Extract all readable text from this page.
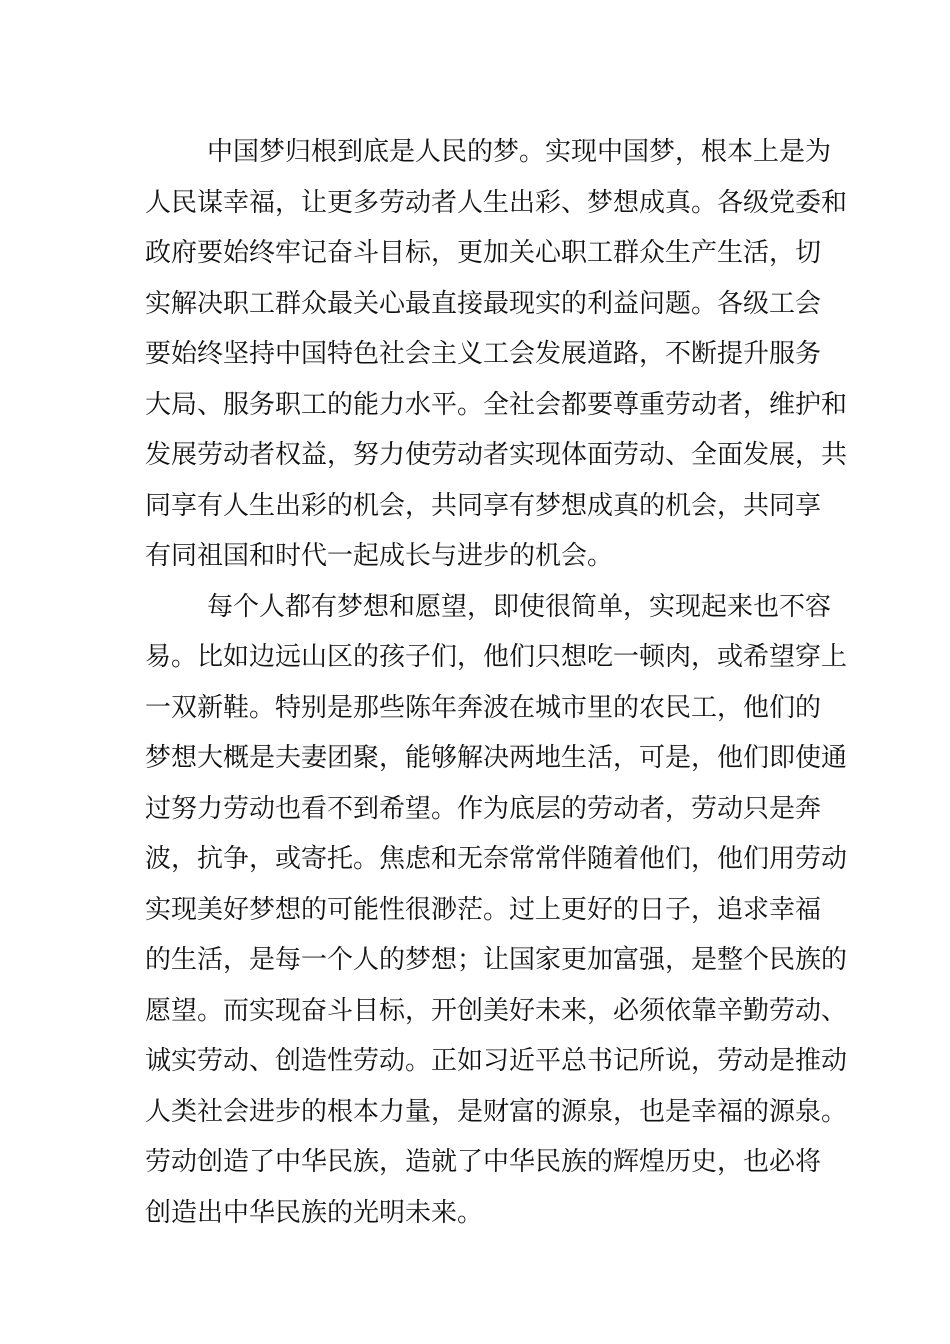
中国梦归根到底是人民的梦。实现中国梦，根本上是为
人民谋幸福，让更多劳动者人生出彩、梦想成真。各级党委和
政府要始终牢记奋斗目标，更加关心职工群众生产生活，切
实解决职工群众最关心最直接最现实的利益问题。各级工会
要始终坚持中国特色社会主义工会发展道路，不断提升服务
大局、服务职工的能力水平。全社会都要尊重劳动者，维护和
发展劳动者权益，努力使劳动者实现体面劳动、全面发展，共
同享有人生出彩的机会，共同享有梦想成真的机会，共同享
有同祖国和时代一起成长与进步的机会。
每个人都有梦想和愿望，即使很简单，实现起来也不容
易。比如边远山区的孩子们，他们只想吃一顿肉，或希望穿上
一双新鞋。特别是那些陈年奔波在城市里的农民工，他们的
梦想大概是夫妻团聚，能够解决两地生活，可是，他们即使通
过努力劳动也看不到希望。作为底层的劳动者，劳动只是奔
波，抗争，或寄托。焦虑和无奈常常伴随着他们，他们用劳动
实现美好梦想的可能性很渺茫。过上更好的日子，追求幸福
的生活，是每一个人的梦想；让国家更加富强，是整个民族的
愿望。而实现奋斗目标，开创美好未来，必须依靠辛勤劳动、
诚实劳动、创造性劳动。正如习近平总书记所说，劳动是推动
人类社会进步的根本力量，是财富的源泉，也是幸福的源泉。
劳动创造了中华民族，造就了中华民族的辉煌历史，也必将
创造出中华民族的光明未来。
